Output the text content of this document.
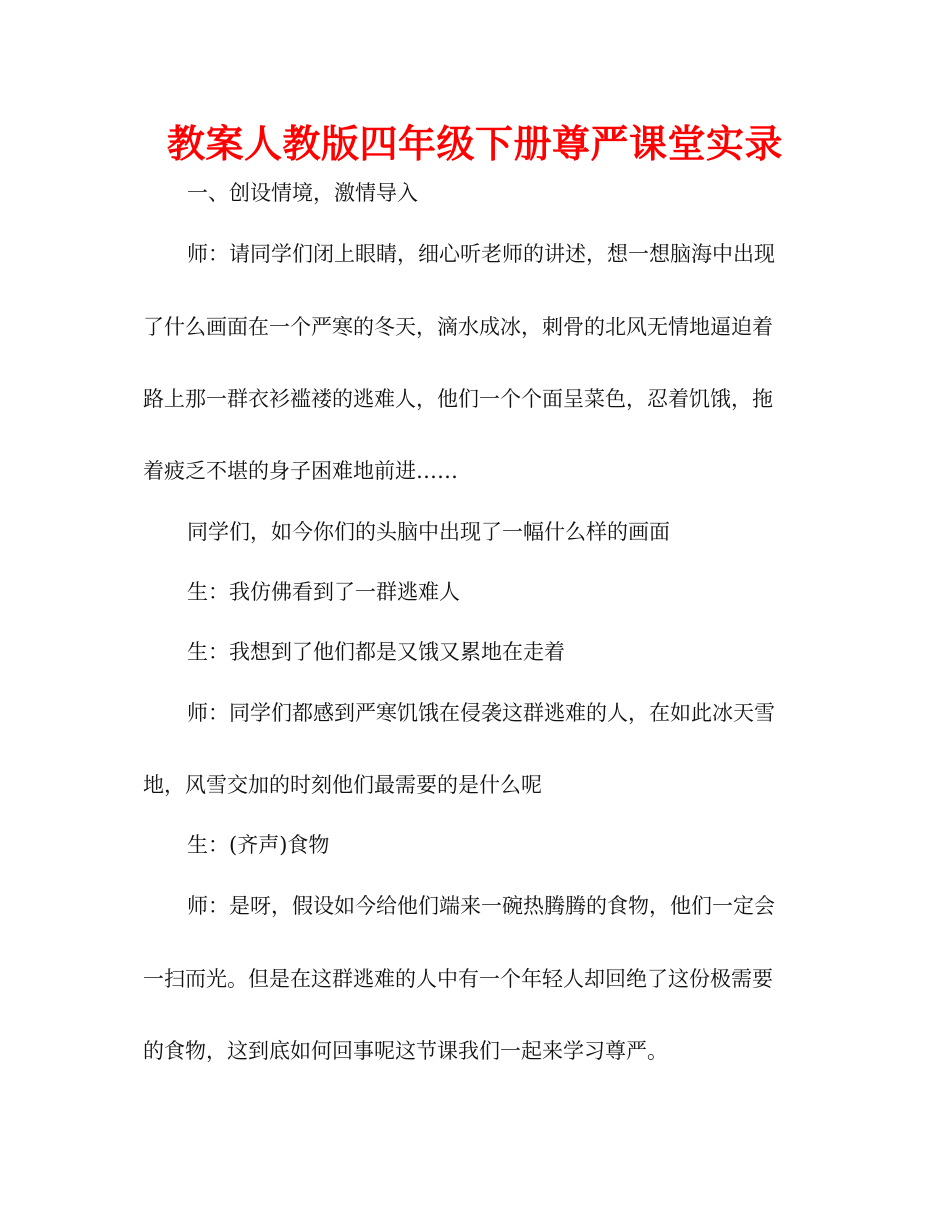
教案人教版四年级下册尊严课堂实录
一、创设情境，激情导入
师：请同学们闭上眼睛，细心听老师的讲述，想一想脑海中出现
了什么画面在一个严寒的冬天，滴水成冰，刺骨的北风无情地逼迫着
路上那一群衣衫褴褛的逃难人，他们一个个面呈菜色，忍着饥饿，拖
着疲乏不堪的身子困难地前进……
同学们，如今你们的头脑中出现了一幅什么样的画面
生：我仿佛看到了一群逃难人
生：我想到了他们都是又饿又累地在走着
师：同学们都感到严寒饥饿在侵袭这群逃难的人，在如此冰天雪
地，风雪交加的时刻他们最需要的是什么呢
生：(齐声)食物
师：是呀，假设如今给他们端来一碗热腾腾的食物，他们一定会
一扫而光。但是在这群逃难的人中有一个年轻人却回绝了这份极需要
的食物，这到底如何回事呢这节课我们一起来学习尊严。
